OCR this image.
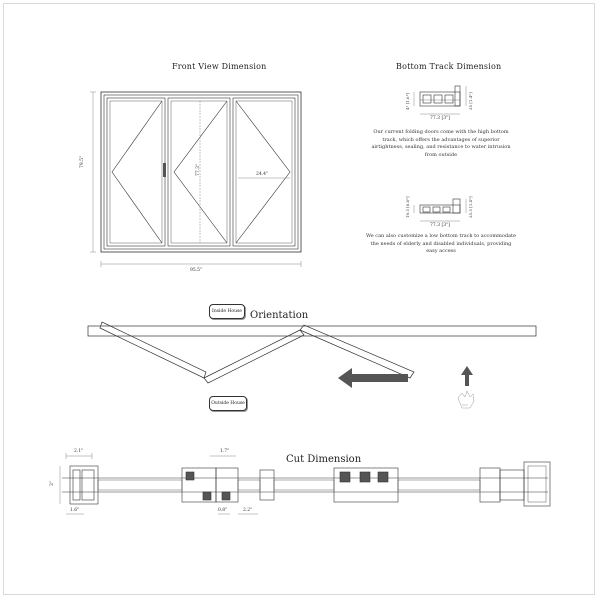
Front View Dimension	Bottom Track Dimension
Orientation
Cut Dimension
95.5"
79.5"
77.3"	24.4"
4" [1.6"]	35 [1.4"]
77.3 [3"]
Our current folding doors come with the high bottom track, which offers the advantages of superior airtightness, sealing, and resistance to water intrusion from outside
19.5 [0.8"]	35.5 [1.4"]
77.3 [3"]
We can also customize a low bottom track to accommodate the needs of elderly and disabled individuals, providing easy access
Inside House
Outside House
2.1"
3"
1.6"
1.7"
0.8"	2.2"
